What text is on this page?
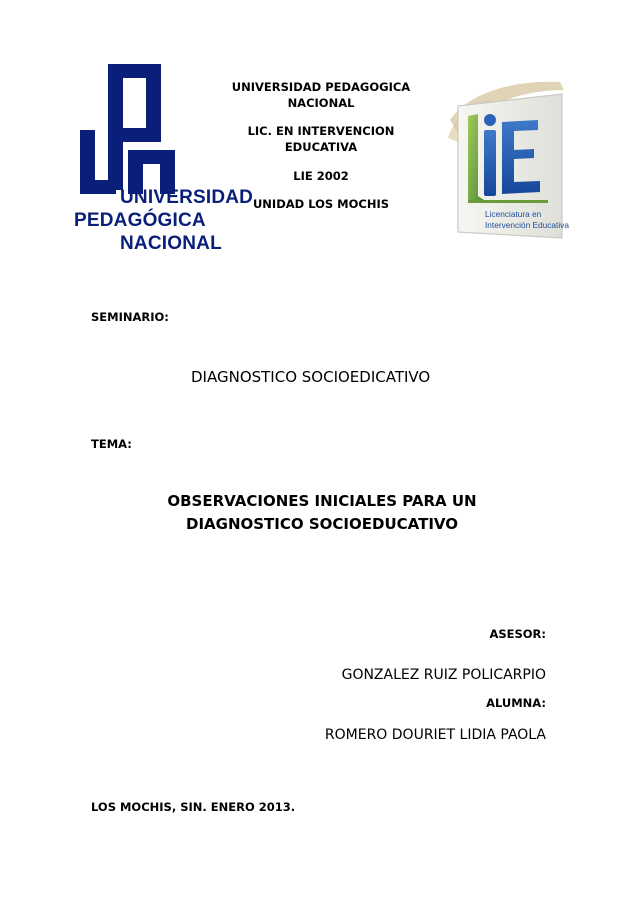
UNIVERSIDAD
PEDAGÓGICA
NACIONAL
Licenciatura en
Intervención Educativa
UNIVERSIDAD PEDAGOGICA
NACIONAL
LIC. EN INTERVENCION
EDUCATIVA
LIE 2002
UNIDAD LOS MOCHIS
SEMINARIO:
DIAGNOSTICO SOCIOEDICATIVO
TEMA:
OBSERVACIONES INICIALES PARA UN
DIAGNOSTICO SOCIOEDUCATIVO
ASESOR:
GONZALEZ RUIZ POLICARPIO
ALUMNA:
ROMERO DOURIET LIDIA PAOLA
LOS MOCHIS, SIN. ENERO 2013.
